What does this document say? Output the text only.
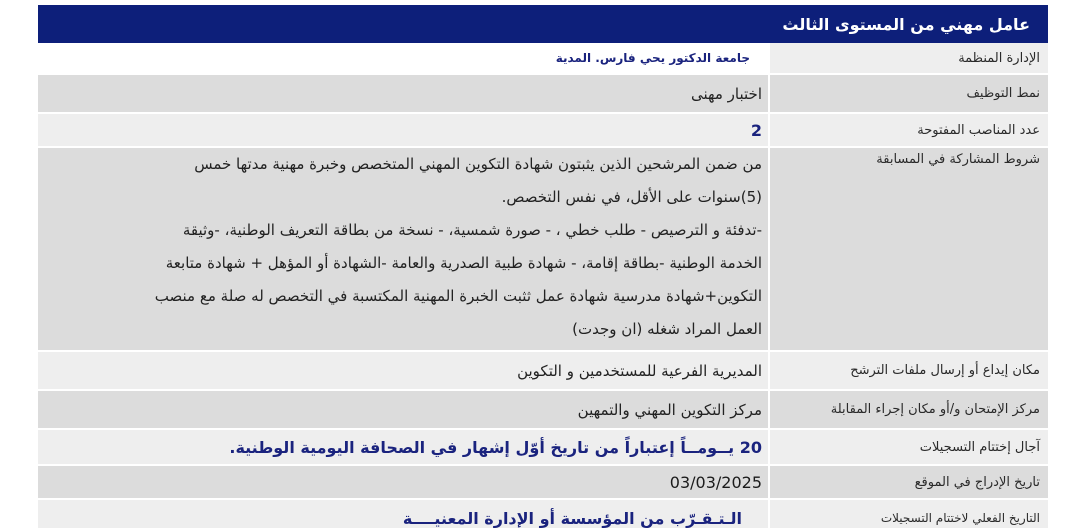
عامل مهني من المستوى الثالث
الإدارة المنظمة
جامعة الدكتور يحي فارس. المدية
نمط التوظيف
اختبار مهنى
عدد المناصب المفتوحة
2
شروط المشاركة في المسابقة

من ضمن المرشحين الذين يثبتون شهادة التكوين المهني المتخصص وخبرة مهنية مدتها خمس

(5)سنوات على الأقل، في نفس التخصص.

-تدفئة و الترصيص - طلب خطي ، - صورة شمسية، - نسخة من بطاقة التعريف الوطنية، -وثيقة

الخدمة الوطنية -بطاقة إقامة، - شهادة طبية الصدرية والعامة -الشهادة أو المؤهل + شهادة متابعة

التكوين+شهادة مدرسية شهادة عمل ثثبت الخبرة المهنية المكتسبة في التخصص له صلة مع منصب

العمل المراد شغله (ان وجدت)

مكان إيداع أو إرسال ملفات الترشح
المديرية الفرعية للمستخدمين و التكوين
مركز الإمتحان و/أو مكان إجراء المقابلة
مركز التكوين المهني والتمهين
آجال إختتام التسجيلات
20 يــومــاً إعتباراً من تاريخ أوّل إشهار في الصحافة اليومية الوطنية.
تاريخ الإدراج في الموقع
03/03/2025
التاريخ الفعلي لاختتام التسجيلات
الـتـقـرّب من المؤسسة أو الإدارة المعنيــــة
